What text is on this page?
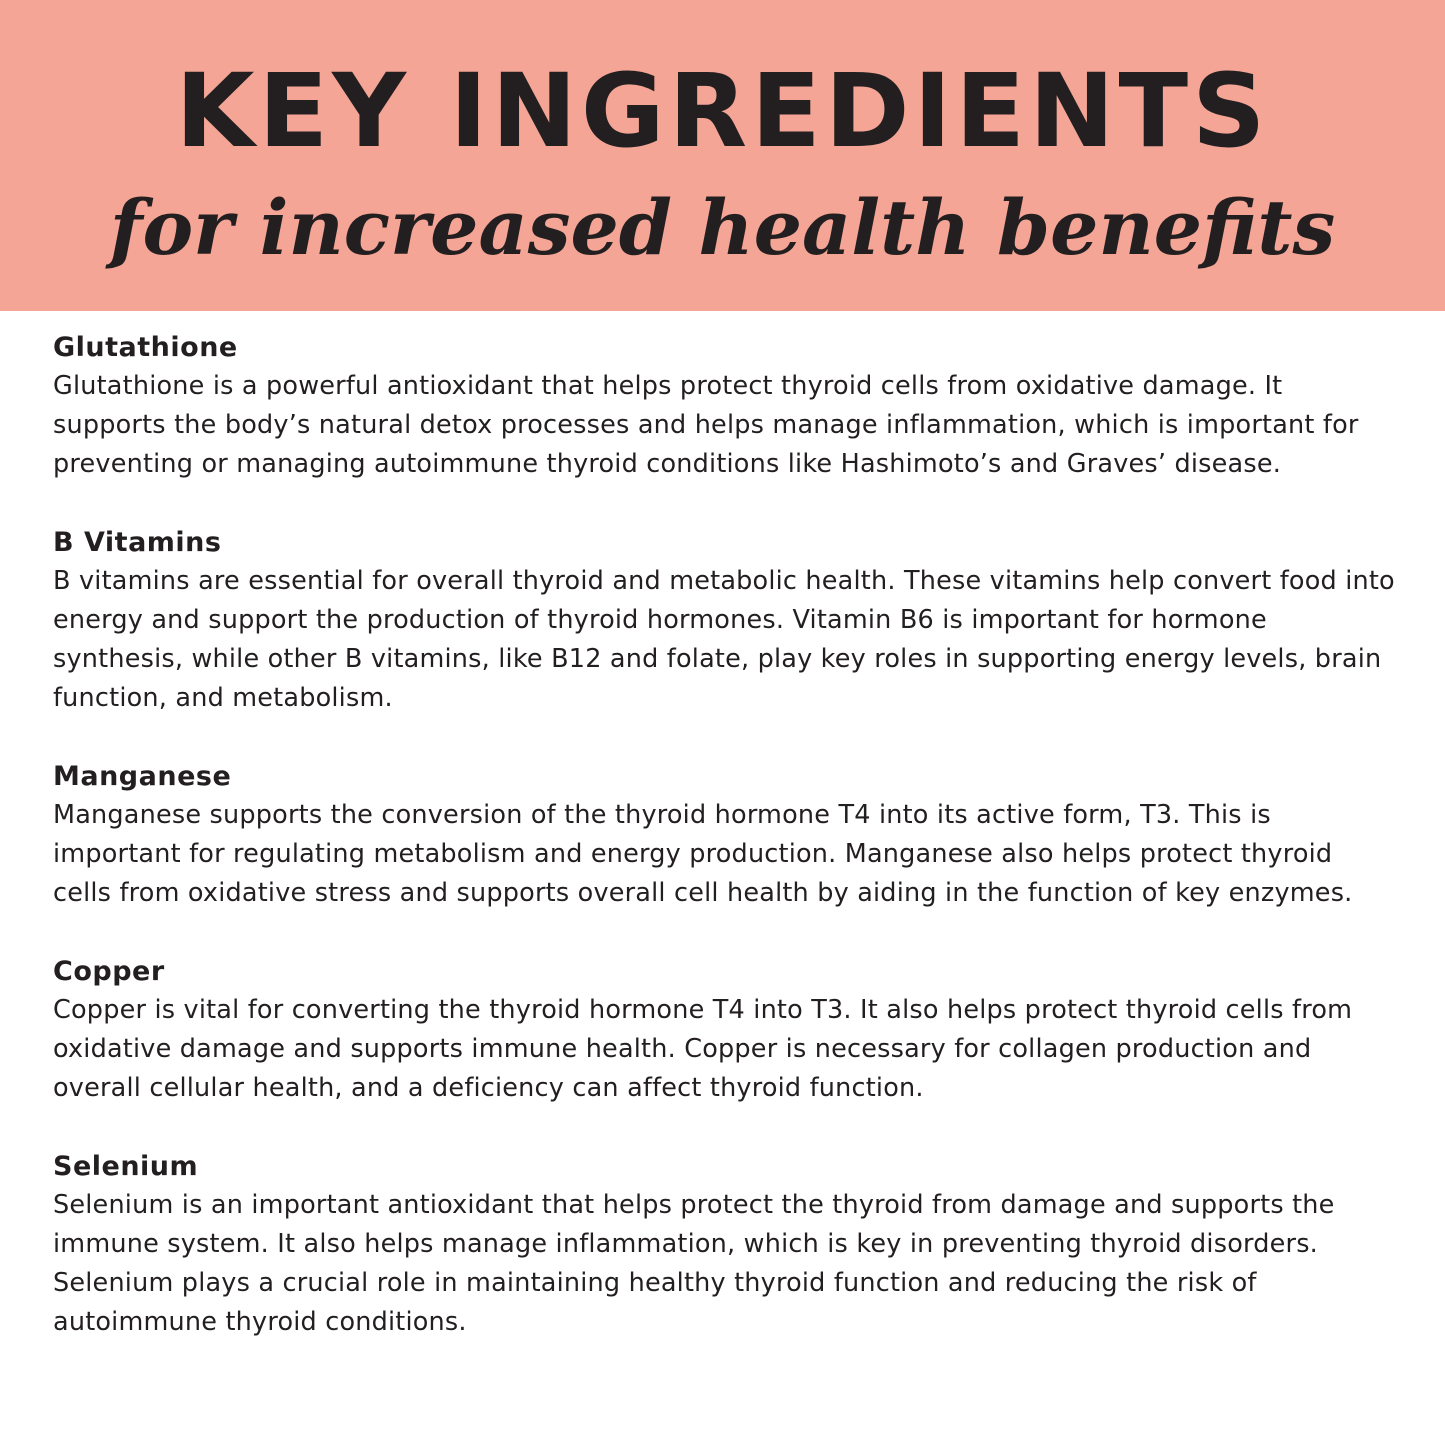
KEY INGREDIENTS
for increased health benefits

Glutathione

Glutathione is a powerful antioxidant that helps protect thyroid cells from oxidative damage. It supports the body’s natural detox processes and helps manage inflammation, which is important for preventing or managing autoimmune thyroid conditions like Hashimoto’s and Graves’ disease.

B Vitamins

B vitamins are essential for overall thyroid and metabolic health. These vitamins help convert food into energy and support the production of thyroid hormones. Vitamin B6 is important for hormone synthesis, while other B vitamins, like B12 and folate, play key roles in supporting energy levels, brain function, and metabolism.

Manganese

Manganese supports the conversion of the thyroid hormone T4 into its active form, T3. This is important for regulating metabolism and energy production. Manganese also helps protect thyroid cells from oxidative stress and supports overall cell health by aiding in the function of key enzymes.

Copper

Copper is vital for converting the thyroid hormone T4 into T3. It also helps protect thyroid cells from oxidative damage and supports immune health. Copper is necessary for collagen production and overall cellular health, and a deficiency can affect thyroid function.

Selenium

Selenium is an important antioxidant that helps protect the thyroid from damage and supports the immune system. It also helps manage inflammation, which is key in preventing thyroid disorders. Selenium plays a crucial role in maintaining healthy thyroid function and reducing the risk of autoimmune thyroid conditions.
